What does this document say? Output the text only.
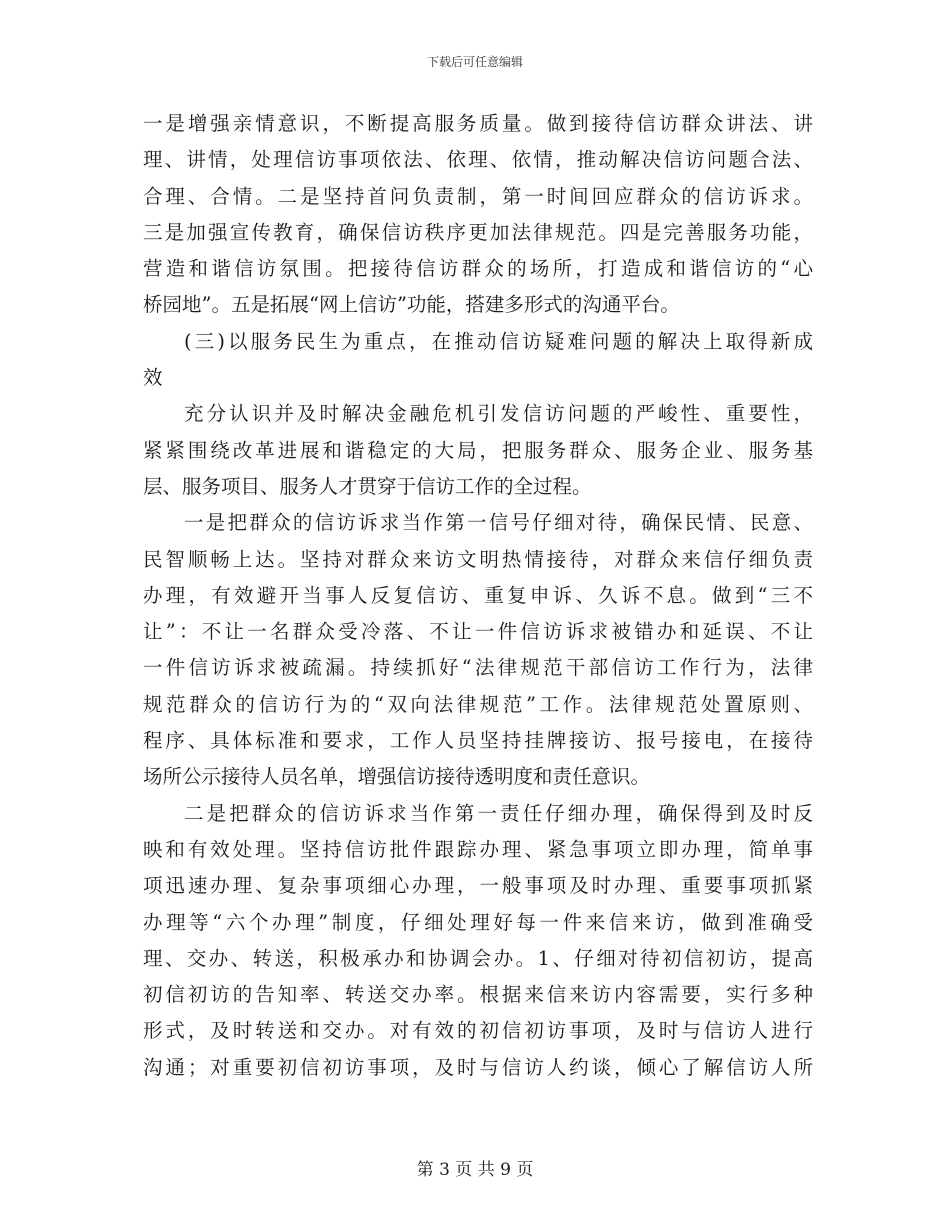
下载后可任意编辑
一是增强亲情意识，不断提高服务质量。做到接待信访群众讲法、讲
理、讲情，处理信访事项依法、依理、依情，推动解决信访问题合法、
合理、合情。二是坚持首问负责制，第一时间回应群众的信访诉求。
三是加强宣传教育，确保信访秩序更加法律规范。四是完善服务功能，
营造和谐信访氛围。把接待信访群众的场所，打造成和谐信访的“心
桥园地”。五是拓展“网上信访”功能，搭建多形式的沟通平台。
(三)以服务民生为重点，在推动信访疑难问题的解决上取得新成
效
充分认识并及时解决金融危机引发信访问题的严峻性、重要性，
紧紧围绕改革进展和谐稳定的大局，把服务群众、服务企业、服务基
层、服务项目、服务人才贯穿于信访工作的全过程。
一是把群众的信访诉求当作第一信号仔细对待，确保民情、民意、
民智顺畅上达。坚持对群众来访文明热情接待，对群众来信仔细负责
办理，有效避开当事人反复信访、重复申诉、久诉不息。做到“三不
让”：不让一名群众受冷落、不让一件信访诉求被错办和延误、不让
一件信访诉求被疏漏。持续抓好“法律规范干部信访工作行为，法律
规范群众的信访行为的“双向法律规范”工作。法律规范处置原则、
程序、具体标准和要求，工作人员坚持挂牌接访、报号接电，在接待
场所公示接待人员名单，增强信访接待透明度和责任意识。
二是把群众的信访诉求当作第一责任仔细办理，确保得到及时反
映和有效处理。坚持信访批件跟踪办理、紧急事项立即办理，简单事
项迅速办理、复杂事项细心办理，一般事项及时办理、重要事项抓紧
办理等“六个办理”制度，仔细处理好每一件来信来访，做到准确受
理、交办、转送，积极承办和协调会办。1、仔细对待初信初访，提高
初信初访的告知率、转送交办率。根据来信来访内容需要，实行多种
形式，及时转送和交办。对有效的初信初访事项，及时与信访人进行
沟通；对重要初信初访事项，及时与信访人约谈，倾心了解信访人所
第 3 页 共 9 页
